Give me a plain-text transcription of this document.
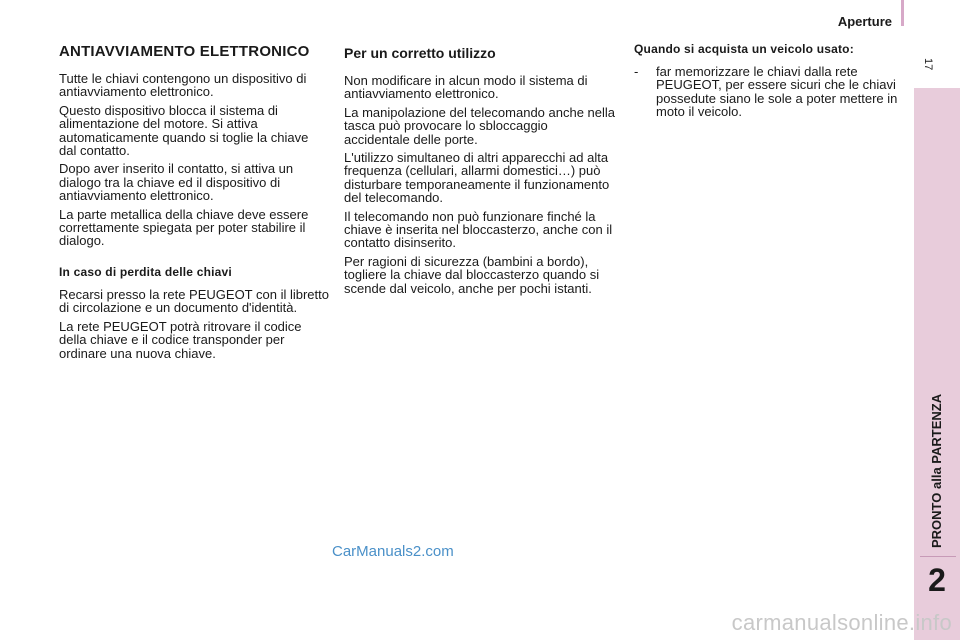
Aperture
17
PRONTO alla PARTENZA
2
ANTIAVVIAMENTO ELETTRONICO

Tutte le chiavi contengono un dispositivo di antiavviamento elettronico.

Questo dispositivo blocca il sistema di alimentazione del motore. Si attiva automaticamente quando si toglie la chiave dal contatto.

Dopo aver inserito il contatto, si attiva un dialogo tra la chiave ed il dispositivo di antiavviamento elettronico.

La parte metallica della chiave deve essere correttamente spiegata per poter stabilire il dialogo.

In caso di perdita delle chiavi

Recarsi presso la rete PEUGEOT con il libretto di circolazione e un documento d'identità.

La rete PEUGEOT potrà ritrovare il codice della chiave e il codice transponder per ordinare una nuova chiave.

Per un corretto utilizzo

Non modificare in alcun modo il sistema di antiavviamento elettronico.

La manipolazione del telecomando anche nella tasca può provocare lo sbloccaggio accidentale delle porte.

L'utilizzo simultaneo di altri apparecchi ad alta frequenza (cellulari, allarmi domestici…) può disturbare temporaneamente il funzionamento del telecomando.

Il telecomando non può funzionare finché la chiave è inserita nel bloccasterzo, anche con il contatto disinserito.

Per ragioni di sicurezza (bambini a bordo), togliere la chiave dal bloccasterzo quando si scende dal veicolo, anche per pochi istanti.

Quando si acquista un veicolo usato:
-	far memorizzare le chiavi dalla rete PEUGEOT, per essere sicuri che le chiavi possedute siano le sole a poter mettere in moto il veicolo.
CarManuals2.com
carmanualsonline.info
